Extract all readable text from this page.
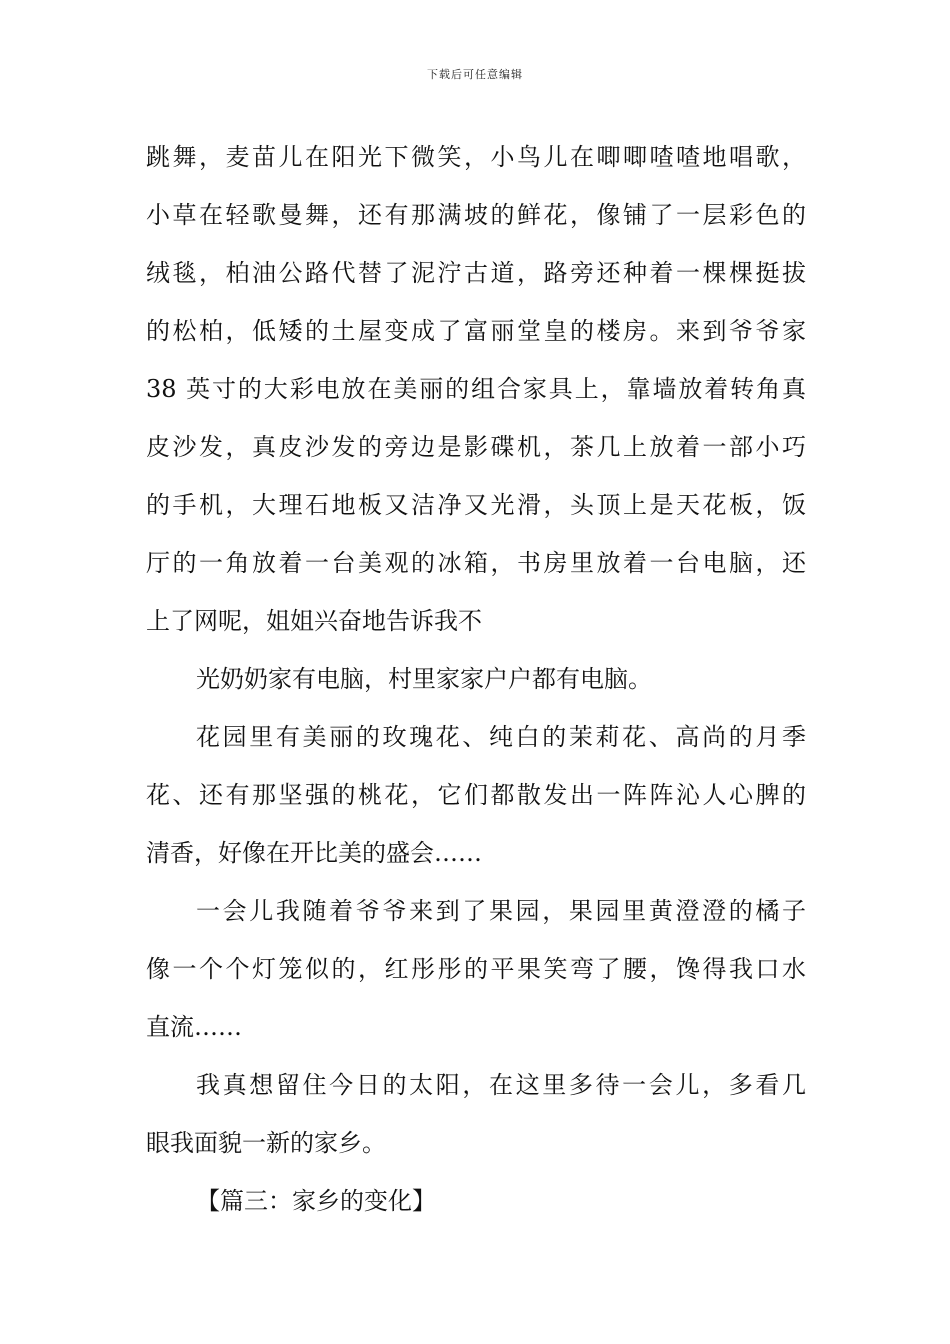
下载后可任意编辑
跳舞，麦苗儿在阳光下微笑，小鸟儿在唧唧喳喳地唱歌，
小草在轻歌曼舞，还有那满坡的鲜花，像铺了一层彩色的
绒毯，柏油公路代替了泥泞古道，路旁还种着一棵棵挺拔
的松柏，低矮的土屋变成了富丽堂皇的楼房。来到爷爷家
38 英寸的大彩电放在美丽的组合家具上，靠墙放着转角真
皮沙发，真皮沙发的旁边是影碟机，茶几上放着一部小巧
的手机，大理石地板又洁净又光滑，头顶上是天花板，饭
厅的一角放着一台美观的冰箱，书房里放着一台电脑，还
上了网呢，姐姐兴奋地告诉我不
光奶奶家有电脑，村里家家户户都有电脑。
花园里有美丽的玫瑰花、纯白的茉莉花、高尚的月季
花、还有那坚强的桃花，它们都散发出一阵阵沁人心脾的
清香，好像在开比美的盛会……
一会儿我随着爷爷来到了果园，果园里黄澄澄的橘子
像一个个灯笼似的，红彤彤的平果笑弯了腰，馋得我口水
直流……
我真想留住今日的太阳，在这里多待一会儿，多看几
眼我面貌一新的家乡。
【篇三：家乡的变化】
